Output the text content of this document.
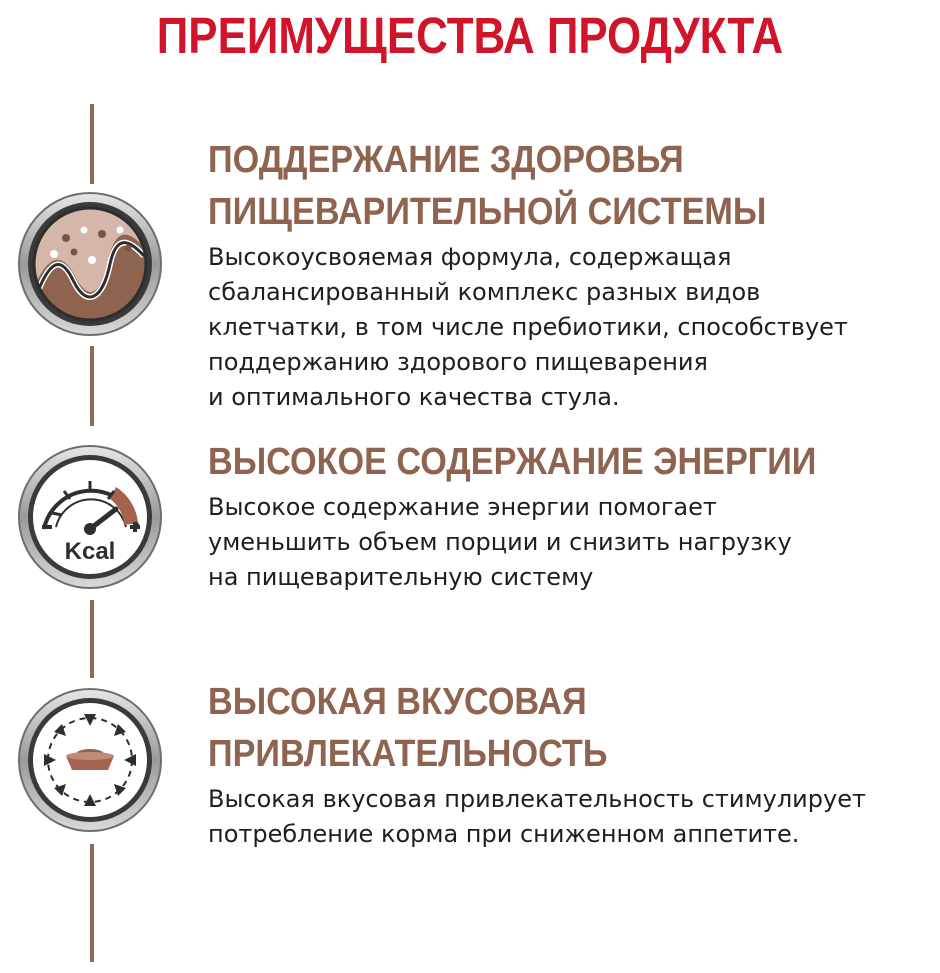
ПРЕИМУЩЕСТВА ПРОДУКТА
Kcal

ПОДДЕРЖАНИЕ ЗДОРОВЬЯ
ПИЩЕВАРИТЕЛЬНОЙ СИСТЕМЫ

Высокоусвояемая формула, содержащая
сбалансированный комплекс разных видов
клетчатки, в том числе пребиотики, способствует
поддержанию здорового пищеварения
и оптимального качества стула.

ВЫСОКОЕ СОДЕРЖАНИЕ ЭНЕРГИИ

Высокое содержание энергии помогает
уменьшить объем порции и снизить нагрузку
на пищеварительную систему

ВЫСОКАЯ ВКУСОВАЯ
ПРИВЛЕКАТЕЛЬНОСТЬ

Высокая вкусовая привлекательность стимулирует
потребление корма при сниженном аппетите.
